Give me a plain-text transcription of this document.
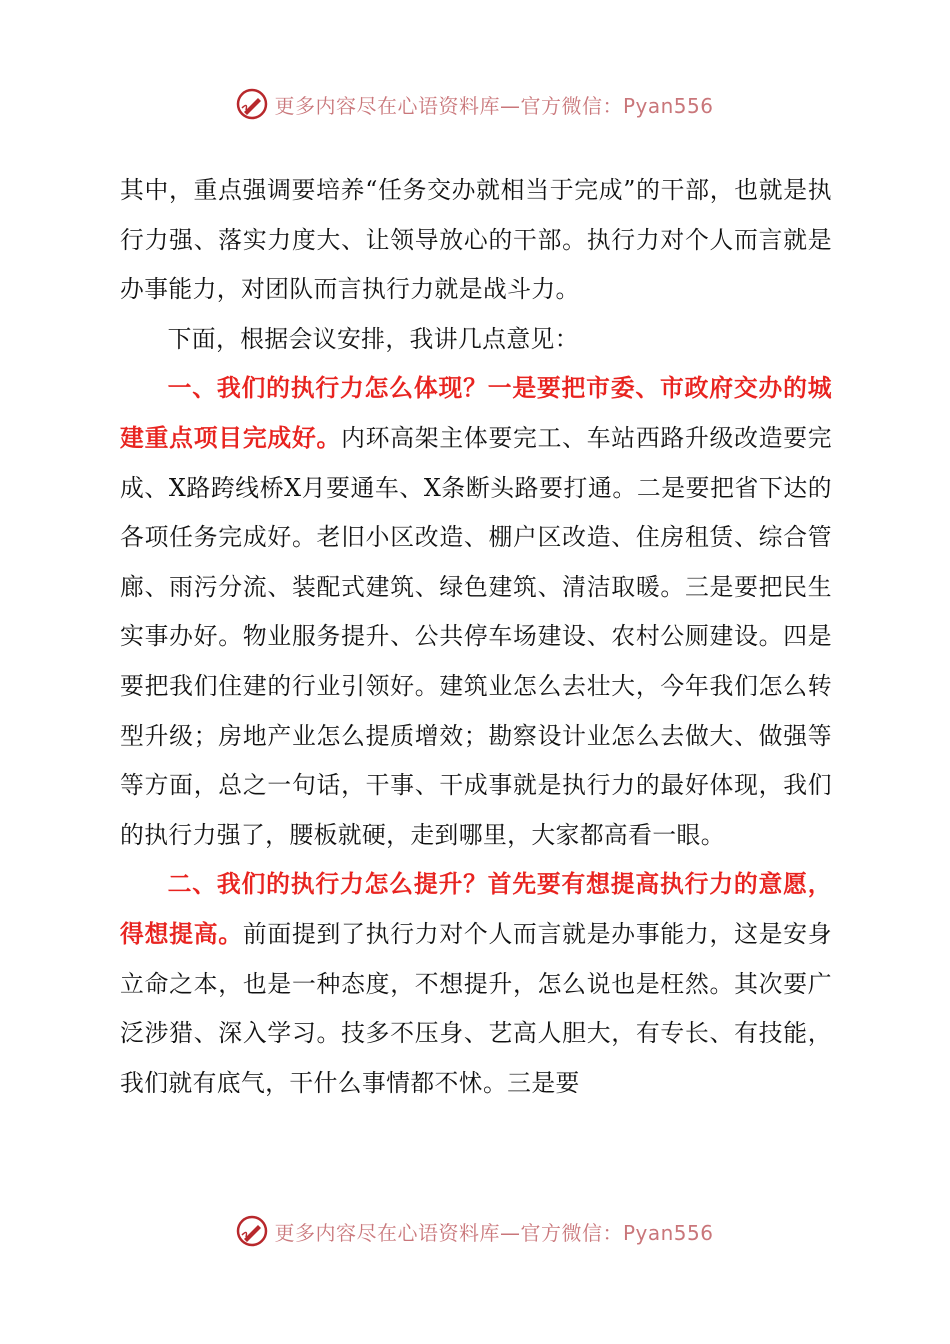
更多内容尽在心语资料库—官方微信：Pyan556

其中，重点强调要培养“任务交办就相当于完成”的干部，也就是执行力强、落实力度大、让领导放心的干部。执行力对个人而言就是办事能力，对团队而言执行力就是战斗力。

下面，根据会议安排，我讲几点意见：

一、我们的执行力怎么体现？一是要把市委、市政府交办的城建重点项目完成好。内环高架主体要完工、车站西路升级改造要完成、X路跨线桥X月要通车、X条断头路要打通。二是要把省下达的各项任务完成好。老旧小区改造、棚户区改造、住房租赁、综合管廊、雨污分流、装配式建筑、绿色建筑、清洁取暖。三是要把民生实事办好。物业服务提升、公共停车场建设、农村公厕建设。四是要把我们住建的行业引领好。建筑业怎么去壮大，今年我们怎么转型升级；房地产业怎么提质增效；勘察设计业怎么去做大、做强等等方面，总之一句话，干事、干成事就是执行力的最好体现，我们的执行力强了，腰板就硬，走到哪里，大家都高看一眼。

二、我们的执行力怎么提升？首先要有想提高执行力的意愿，得想提高。前面提到了执行力对个人而言就是办事能力，这是安身立命之本，也是一种态度，不想提升，怎么说也是枉然。其次要广泛涉猎、深入学习。技多不压身、艺高人胆大，有专长、有技能，我们就有底气，干什么事情都不怵。三是要

更多内容尽在心语资料库—官方微信：Pyan556
